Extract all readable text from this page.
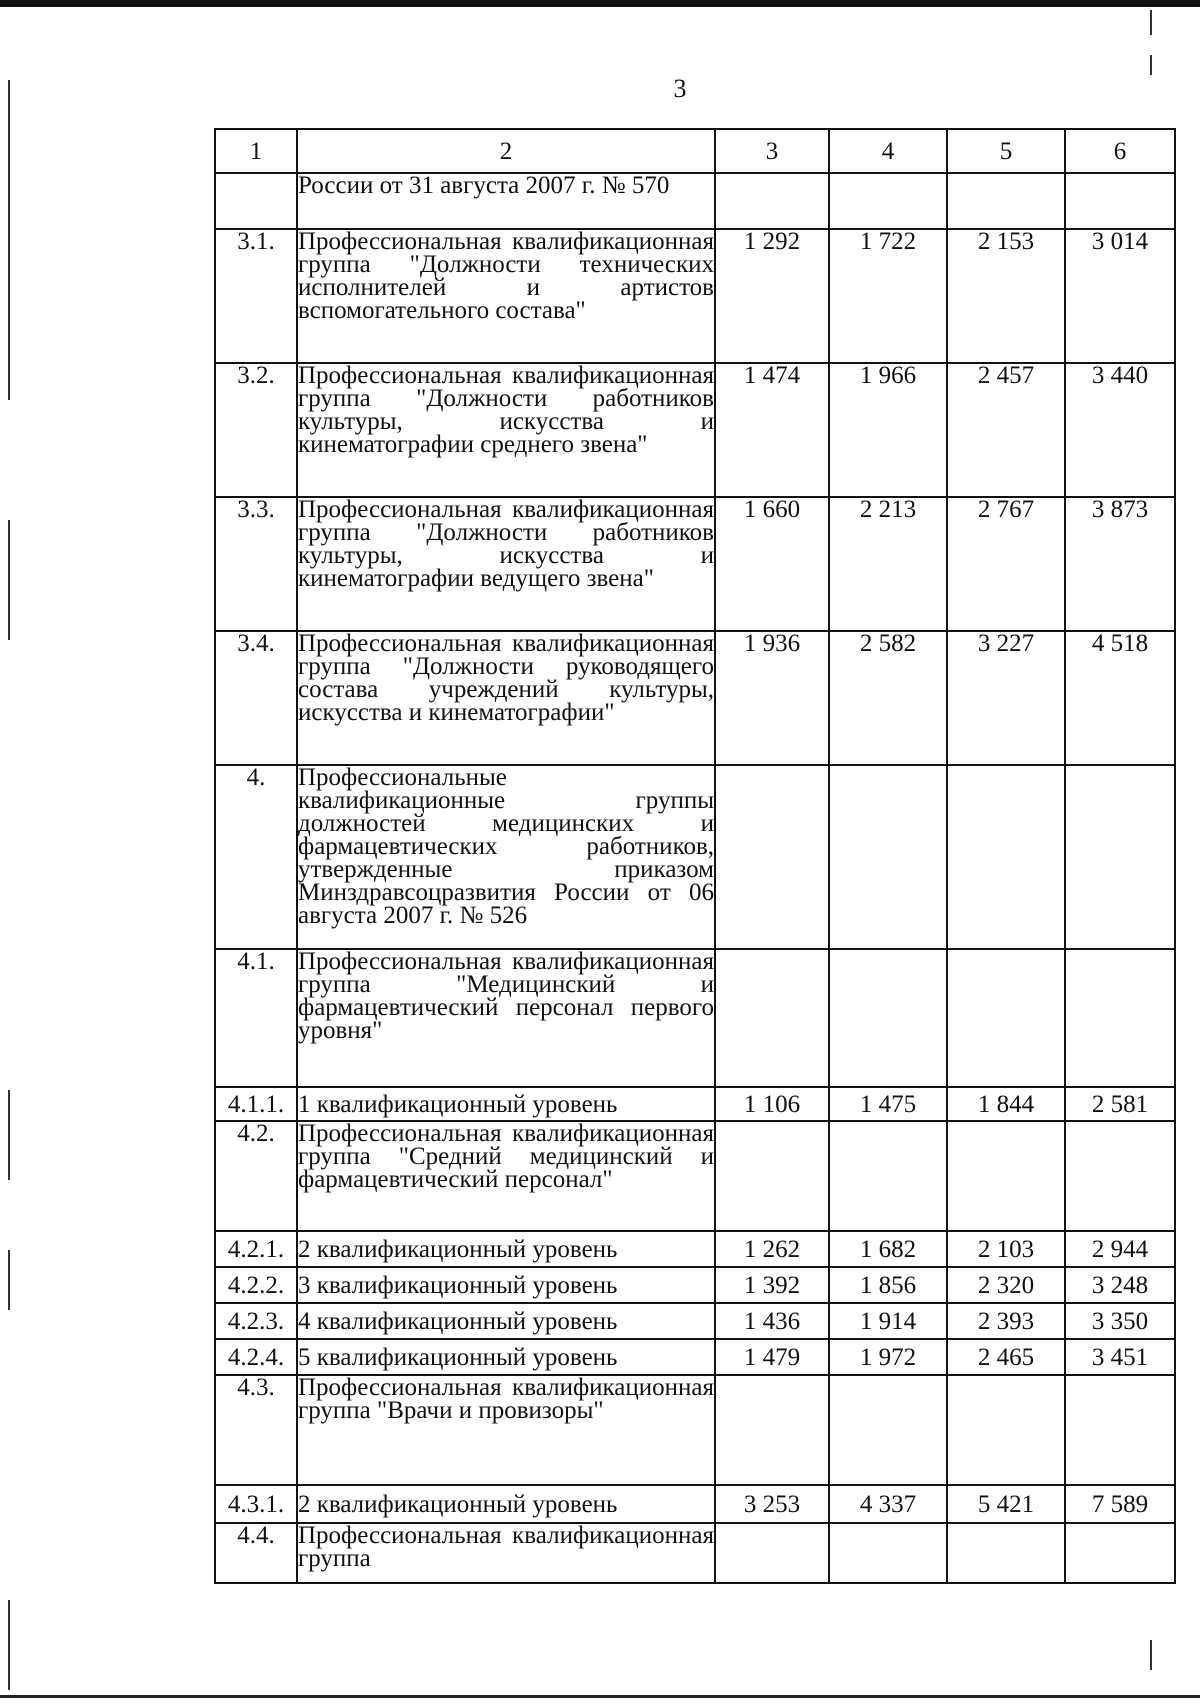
3
1	2	3	4	5	6
	России от 31 августа 2007 г. № 570				
3.1.	Профессиональная квалификационная группа "Должности технических исполнителей и артистов вспомогательного состава"	1 292	1 722	2 153	3 014
3.2.	Профессиональная квалификационная группа "Должности работников культуры, искусства и кинематографии среднего звена"	1 474	1 966	2 457	3 440
3.3.	Профессиональная квалификационная группа "Должности работников культуры, искусства и кинематографии ведущего звена"	1 660	2 213	2 767	3 873
3.4.	Профессиональная квалификационная группа "Должности руководящего состава учреждений культуры, искусства и кинематографии"	1 936	2 582	3 227	4 518
4.	Профессиональные квалификационные группы должностей медицинских и фармацевтических работников, утвержденные приказом Минздравсоцразвития России от 06 августа 2007 г. № 526				
4.1.	Профессиональная квалификационная группа "Медицинский и фармацевтический персонал первого уровня"				
4.1.1.	1 квалификационный уровень	1 106	1 475	1 844	2 581
4.2.	Профессиональная квалификационная группа "Средний медицинский и фармацевтический персонал"				
4.2.1.	2 квалификационный уровень	1 262	1 682	2 103	2 944
4.2.2.	3 квалификационный уровень	1 392	1 856	2 320	3 248
4.2.3.	4 квалификационный уровень	1 436	1 914	2 393	3 350
4.2.4.	5 квалификационный уровень	1 479	1 972	2 465	3 451
4.3.	Профессиональная квалификационная группа "Врачи и провизоры"				
4.3.1.	2 квалификационный уровень	3 253	4 337	5 421	7 589
4.4.	Профессиональная квалификационная группа				
